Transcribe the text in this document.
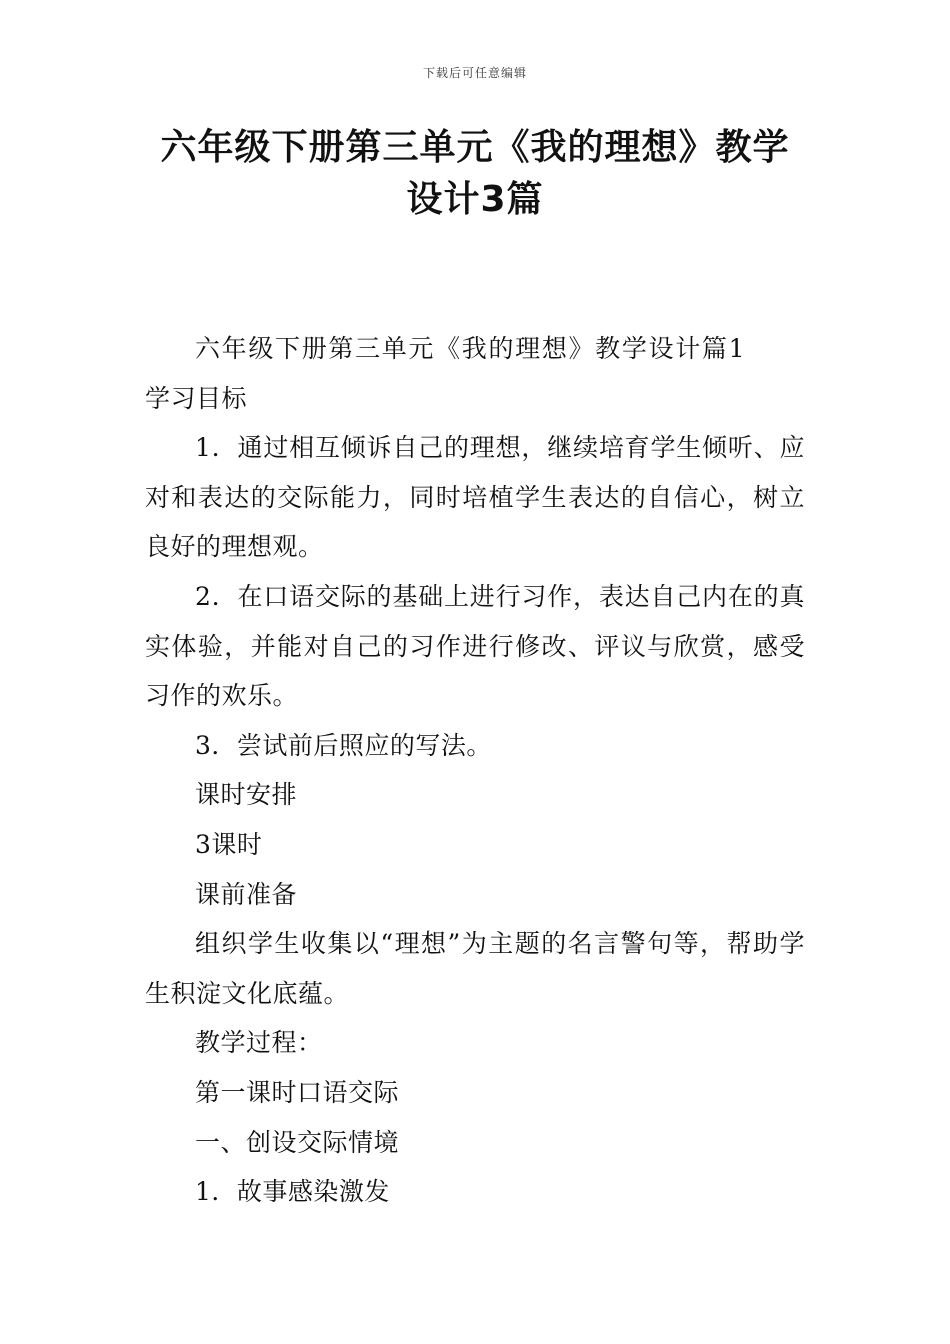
下载后可任意编辑
六年级下册第三单元《我的理想》教学设计3篇

六年级下册第三单元《我的理想》教学设计篇1学习目标

1．通过相互倾诉自己的理想，继续培育学生倾听、应对和表达的交际能力，同时培植学生表达的自信心，树立良好的理想观。

2．在口语交际的基础上进行习作，表达自己内在的真实体验，并能对自己的习作进行修改、评议与欣赏，感受习作的欢乐。

3．尝试前后照应的写法。

课时安排

3课时

课前准备

组织学生收集以“理想”为主题的名言警句等，帮助学生积淀文化底蕴。

教学过程：

第一课时口语交际

一、创设交际情境

1．故事感染激发
